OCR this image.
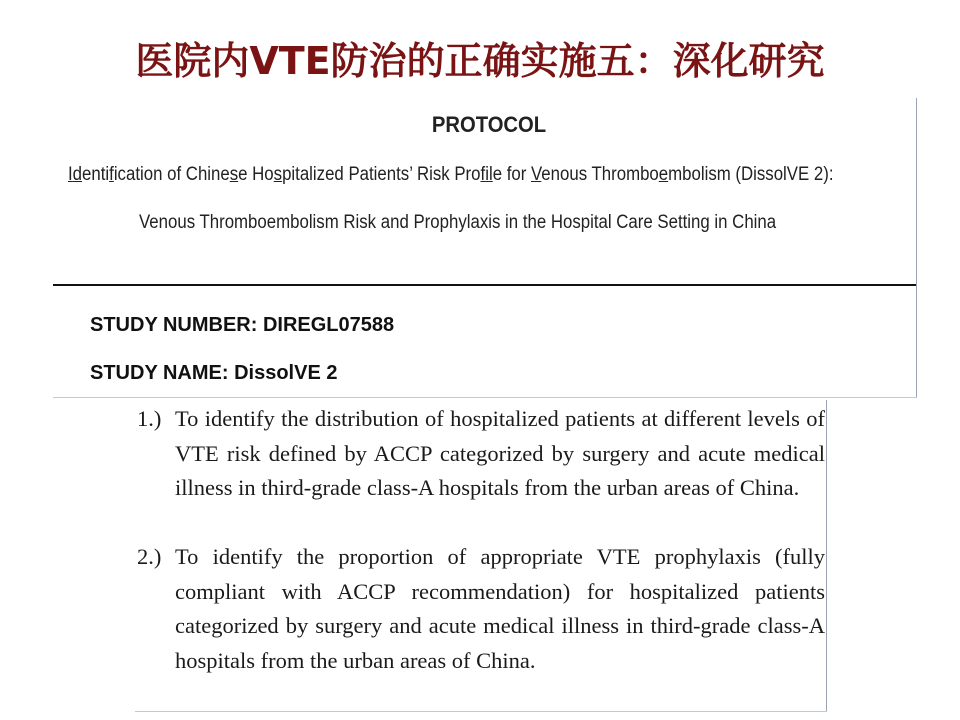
医院内VTE防治的正确实施五：深化研究
PROTOCOL
Identification of Chinese Hospitalized Patients’ Risk Profile for Venous Thromboembolism (DissolVE 2):
Venous Thromboembolism Risk and Prophylaxis in the Hospital Care Setting in China
STUDY NUMBER: DIREGL07588
STUDY NAME: DissolVE 2
1.) To identify the distribution of hospitalized patients at different levels of VTE risk defined by ACCP categorized by surgery and acute medical illness in third-grade class-A hospitals from the urban areas of China.
2.) To identify the proportion of appropriate VTE prophylaxis (fully compliant with ACCP recommendation) for hospitalized patients categorized by surgery and acute medical illness in third-grade class-A hospitals from the urban areas of China.
